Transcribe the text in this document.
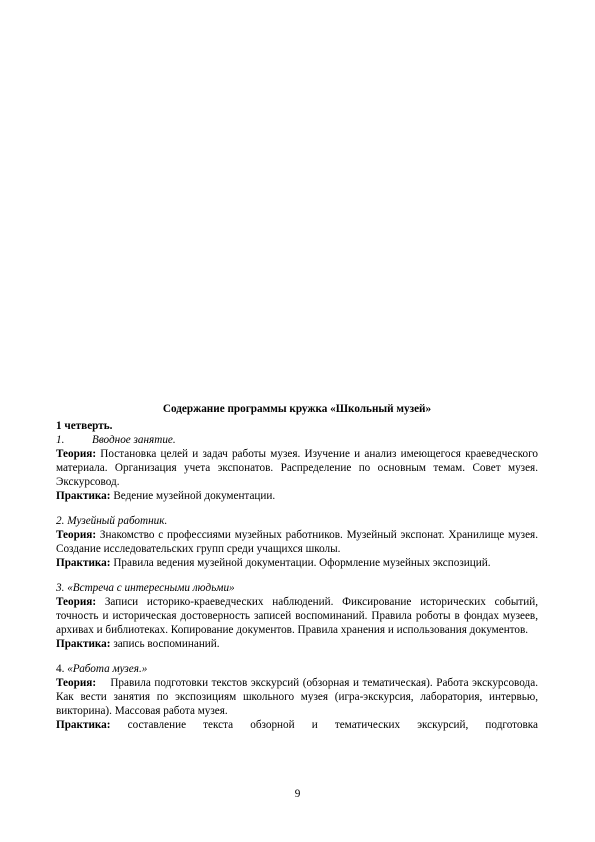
Содержание программы кружка «Школьный музей»

1 четверть.

1.	Вводное занятие.

Теория: Постановка целей и задач работы музея. Изучение и анализ имеющегося краеведческого материала. Организация учета экспонатов. Распределение по основным темам. Совет музея. Экскурсовод.

Практика: Ведение музейной документации.

2. Музейный работник.

Теория: Знакомство с профессиями музейных работников. Музейный экспонат. Хранилище музея. Создание исследовательских групп среди учащихся школы.

Практика: Правила ведения музейной документации. Оформление музейных экспозиций.

3. «Встреча с интересными людьми»

Теория: Записи историко-краеведческих наблюдений. Фиксирование исторических событий, точность и историческая достоверность записей воспоминаний. Правила роботы в фондах музеев, архивах и библиотеках. Копирование документов. Правила хранения и использования документов.

Практика: запись воспоминаний.

4. «Работа музея.»

Теория: Правила подготовки текстов экскурсий (обзорная и тематическая). Работа экскурсовода. Как вести занятия по экспозициям школьного музея (игра-экскурсия, лаборатория, интервью, викторина). Массовая работа музея.

Практика: составление текста обзорной и тематических экскурсий, подготовка

9
